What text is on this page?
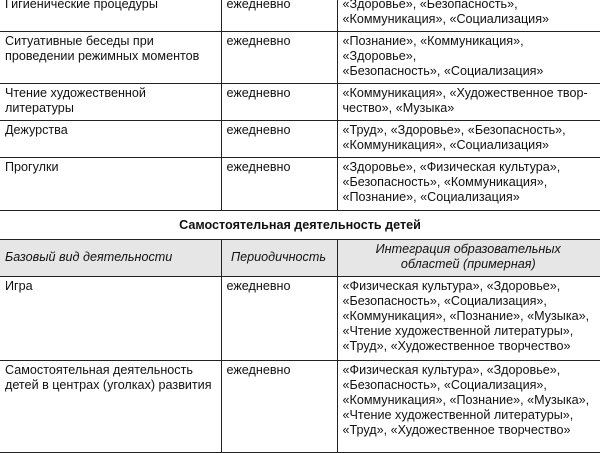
Гигиенические процедуры	ежедневно	«Здоровье», «Безопасность»,
«Коммуникация», «Социализация»

Ситуативные беседы при проведении режимных моментов	ежедневно	«Познание», «Коммуникация», «Здоровье»,
«Безопасность», «Социализация»

Чтение художественной литературы	ежедневно	«Коммуникация», «Художественное твор-
чество», «Музыка»

Дежурства	ежедневно	«Труд», «Здоровье», «Безопасность»,
«Коммуникация», «Социализация»

Прогулки	ежедневно	«Здоровье», «Физическая культура»,
«Безопасность», «Коммуникация»,
«Познание», «Социализация»

Самостоятельная деятельность детей		
Базовый вид деятельности	Периодичность	Интеграция образовательных
областей (примерная)

Игра	ежедневно	«Физическая культура», «Здоровье»,
«Безопасность», «Социализация»,
«Коммуникация», «Познание», «Музыка»,
«Чтение художественной литературы»,
«Труд», «Художественное творчество»

Самостоятельная деятельность детей в центрах (уголках) развития	ежедневно	«Физическая культура», «Здоровье»,
«Безопасность», «Социализация»,
«Коммуникация», «Познание», «Музыка»,
«Чтение художественной литературы»,
«Труд», «Художественное творчество»
